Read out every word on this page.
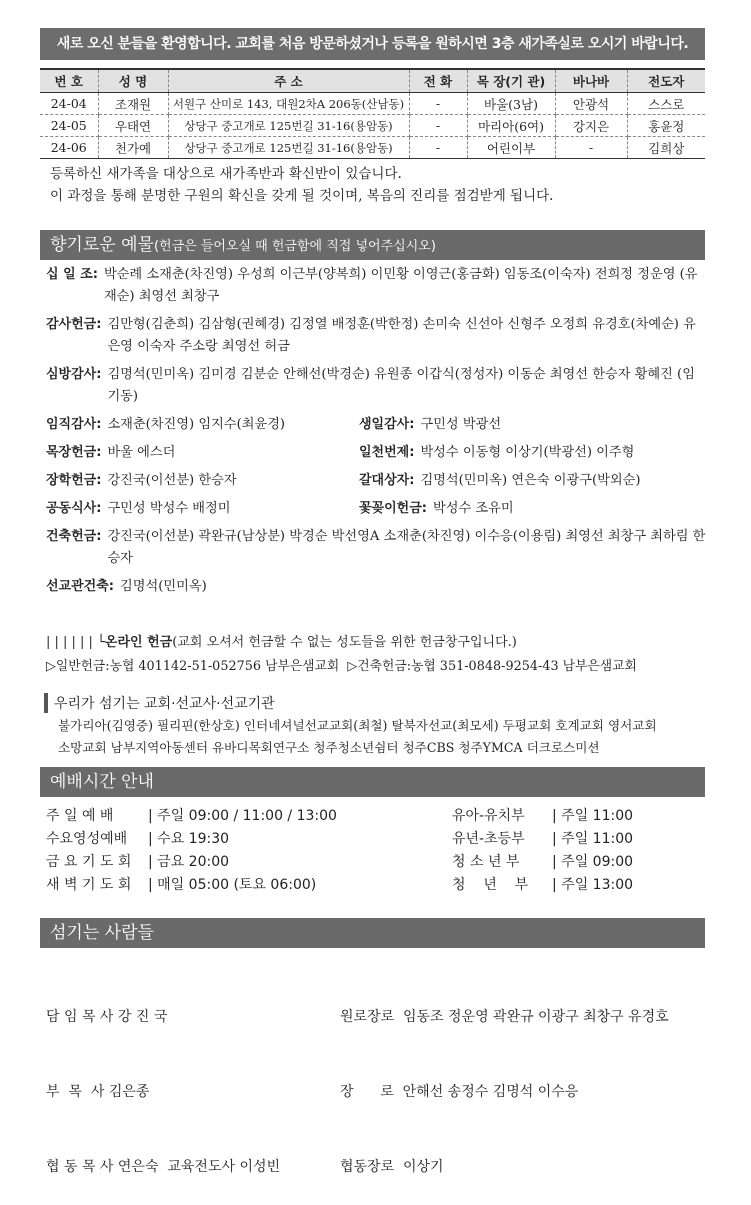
새로 오신 분들을 환영합니다. 교회를 처음 방문하셨거나 등록을 원하시면 3층 새가족실로 오시기 바랍니다.
번 호	성 명	주 소	전 화	목 장(기 관)	바나바	전도자
24-04	조재원	서원구 산미로 143, 대원2차A 206동(산남동)	-	바울(3남)	안광석	스스로
24-05	우태연	상당구 중고개로 125번길 31-16(용암동)	-	마리아(6여)	강지은	홍윤정
24-06	천가예	상당구 중고개로 125번길 31-16(용암동)	-	어린이부	-	김희상
등록하신 새가족을 대상으로 새가족반과 확신반이 있습니다.
이 과정을 통해 분명한 구원의 확신을 갖게 될 것이며, 복음의 진리를 점검받게 됩니다.
향기로운 예물(헌금은 들어오실 때 헌금함에 직접 넣어주십시오)
십 일 조: 박순례 소재춘(차진영) 우성희 이근부(양복희) 이민황 이영근(홍금화) 임동조(이숙자) 전희정 정운영 (유재순) 최영선 최창구
감사헌금: 김만형(김춘희) 김삼형(권혜경) 김정열 배정훈(박한정) 손미숙 신선아 신형주 오정희 유경호(차예순) 유은영 이숙자 주소랑 최영선 허금
심방감사: 김명석(민미옥) 김미경 김분순 안해선(박경순) 유원종 이갑식(정성자) 이동순 최영선 한승자 황혜진 (임기동)
임직감사: 소재춘(차진영) 임지수(최윤경)	생일감사: 구민성 박광선
목장헌금: 바울 에스더	일천번제: 박성수 이동형 이상기(박광선) 이주형
장학헌금: 강진국(이선분) 한승자	갈대상자: 김명석(민미옥) 연은숙 이광구(박외순)
공동식사: 구민성 박성수 배정미	꽃꽂이헌금: 박성수 조유미
건축헌금: 강진국(이선분) 곽완규(남상분) 박경순 박선영A 소재춘(차진영) 이수응(이용림) 최영선 최창구 최하림 한승자
선교관건축: 김명석(민미옥)
| | | | | | └온라인 헌금(교회 오셔서 헌금할 수 없는 성도들을 위한 헌금창구입니다.)
▷일반헌금:농협 401142-51-052756 남부은샘교회 ▷건축헌금:농협 351-0848-9254-43 남부은샘교회
우리가 섬기는 교회·선교사·선교기관
불가리아(김영중) 필리핀(한상호) 인터네셔널선교교회(최철) 탈북자선교(최모세) 두평교회 호계교회 영서교회
소망교회 남부지역아동센터 유바디목회연구소 청주청소년쉼터 청주CBS 청주YMCA 더크로스미션
예배시간 안내
주 일 예 배 | 주일 09:00 / 11:00 / 13:00
수요영성예배 | 수요 19:30
금 요 기 도 회 | 금요 20:00
새 벽 기 도 회 | 매일 05:00 (토요 06:00)
유아-유치부 | 주일 11:00
유년-초등부 | 주일 11:00
청 소 년 부 | 주일 09:00
청    년    부 | 주일 13:00
섬기는 사람들

담 임 목 사 강 진 국

부  목  사 김은종

협 동 목 사 연은숙  교육전도사 이성빈

원로장로  임동조 정운영 곽완규 이광구 최창구 유경호

장      로  안해선 송정수 김명석 이수응

협동장로  이상기
